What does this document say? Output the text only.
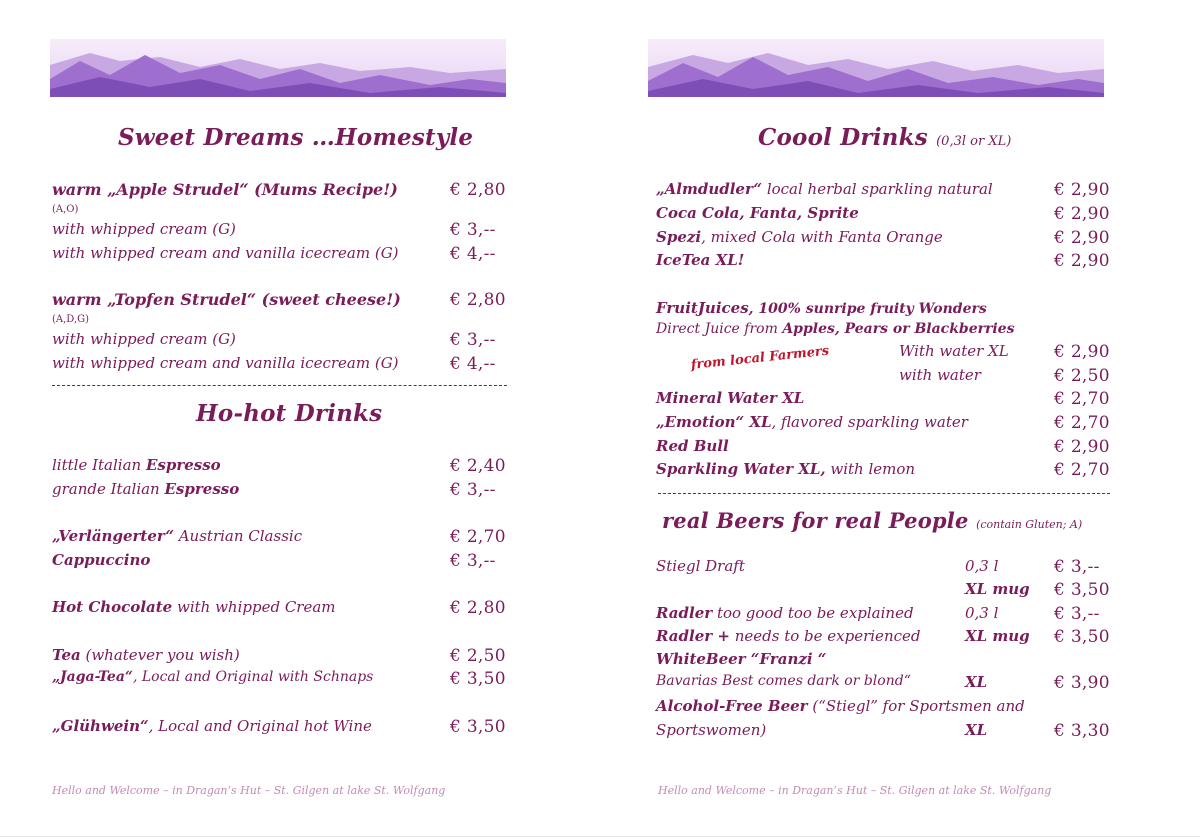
Sweet Dreams …Homestyle
warm „Apple Strudel“ (Mums Recipe!)	€ 2,80
(A,O)
with whipped cream (G)	€ 3,--
with whipped cream and vanilla icecream (G)	€ 4,--
warm „Topfen Strudel“ (sweet cheese!)	€ 2,80
(A,D,G)
with whipped cream (G)	€ 3,--
with whipped cream and vanilla icecream (G)	€ 4,--
Ho-hot Drinks
little Italian Espresso	€ 2,40
grande Italian Espresso	€ 3,--
„Verlängerter“ Austrian Classic	€ 2,70
Cappuccino	€ 3,--
Hot Chocolate with whipped Cream	€ 2,80
Tea (whatever you wish)	€ 2,50
„Jaga-Tea“, Local and Original with Schnaps	€ 3,50
„Glühwein“, Local and Original hot Wine	€ 3,50
Hello and Welcome – in Dragan’s Hut – St. Gilgen at lake St. Wolfgang
Coool Drinks (0,3l or XL)
„Almdudler“ local herbal sparkling natural	€ 2,90
Coca Cola, Fanta, Sprite	€ 2,90
Spezi, mixed Cola with Fanta Orange	€ 2,90
IceTea XL!	€ 2,90
FruitJuices, 100% sunripe fruity Wonders
Direct Juice from Apples, Pears or Blackberries
from local Farmers	With water XL	€ 2,90
with water	€ 2,50
Mineral Water XL	€ 2,70
„Emotion“ XL, flavored sparkling water	€ 2,70
Red Bull	€ 2,90
Sparkling Water XL, with lemon	€ 2,70
real Beers for real People (contain Gluten; A)
Stiegl Draft	0,3 l	€ 3,--
XL mug € 3,50
Radler too good too be explained	0,3 l	€ 3,--
Radler + needs to be experienced	XL mug € 3,50
WhiteBeer “Franzi “
Bavarias Best comes dark or blond“	XL	€ 3,90
Alcohol-Free Beer (“Stiegl” for Sportsmen and
Sportswomen)	XL	€ 3,30
Hello and Welcome – in Dragan’s Hut – St. Gilgen at lake St. Wolfgang
